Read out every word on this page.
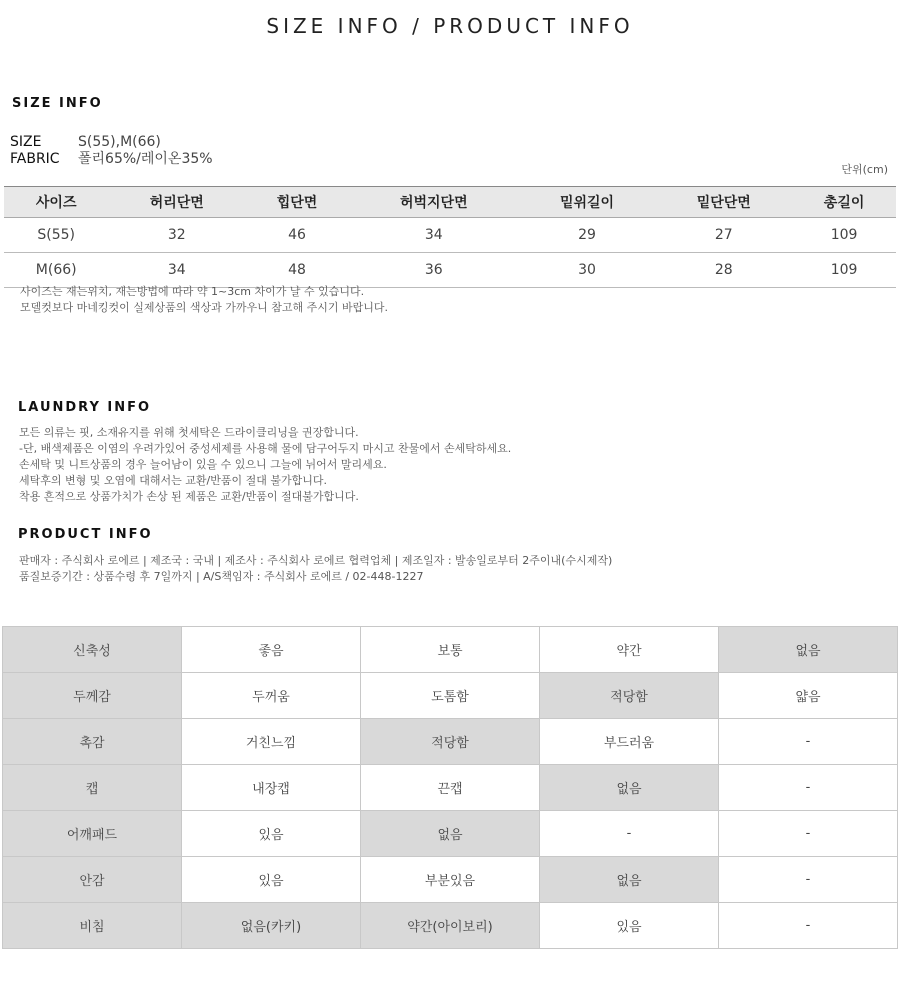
SIZE INFO / PRODUCT INFO
SIZE INFO
SIZE	S(55),M(66)
FABRIC	폴리65%/레이온35%
단위(cm)
사이즈	허리단면	힙단면	허벅지단면	밑위길이	밑단단면	총길이
S(55)	32	46	34	29	27	109
M(66)	34	48	36	30	28	109
사이즈는 재는위치, 재는방법에 따라 약 1~3cm 차이가 날 수 있습니다.
모델컷보다 마네킹컷이 실제상품의 색상과 가까우니 참고해 주시기 바랍니다.
LAUNDRY INFO
모든 의류는 핏, 소재유지를 위해 첫세탁은 드라이클리닝을 권장합니다.
-단, 배색제품은 이염의 우려가있어 중성세제를 사용해 물에 담구어두지 마시고 찬물에서 손세탁하세요.
손세탁 및 니트상품의 경우 늘어남이 있을 수 있으니 그늘에 뉘어서 말리세요.
세탁후의 변형 및 오염에 대해서는 교환/반품이 절대 불가합니다.
착용 흔적으로 상품가치가 손상 된 제품은 교환/반품이 절대불가합니다.
PRODUCT INFO
판매자 : 주식회사 로에르 | 제조국 : 국내 | 제조사 : 주식회사 로에르 협력업체 | 제조일자 : 발송일로부터 2주이내(수시제작)
품질보증기간 : 상품수령 후 7일까지 | A/S책임자 : 주식회사 로에르 / 02-448-1227
신축성	좋음	보통	약간	없음
두께감	두꺼움	도톰함	적당함	얇음
촉감	거친느낌	적당함	부드러움	-
캡	내장캡	끈캡	없음	-
어깨패드	있음	없음	-	-
안감	있음	부분있음	없음	-
비침	없음(카키)	약간(아이보리)	있음	-
